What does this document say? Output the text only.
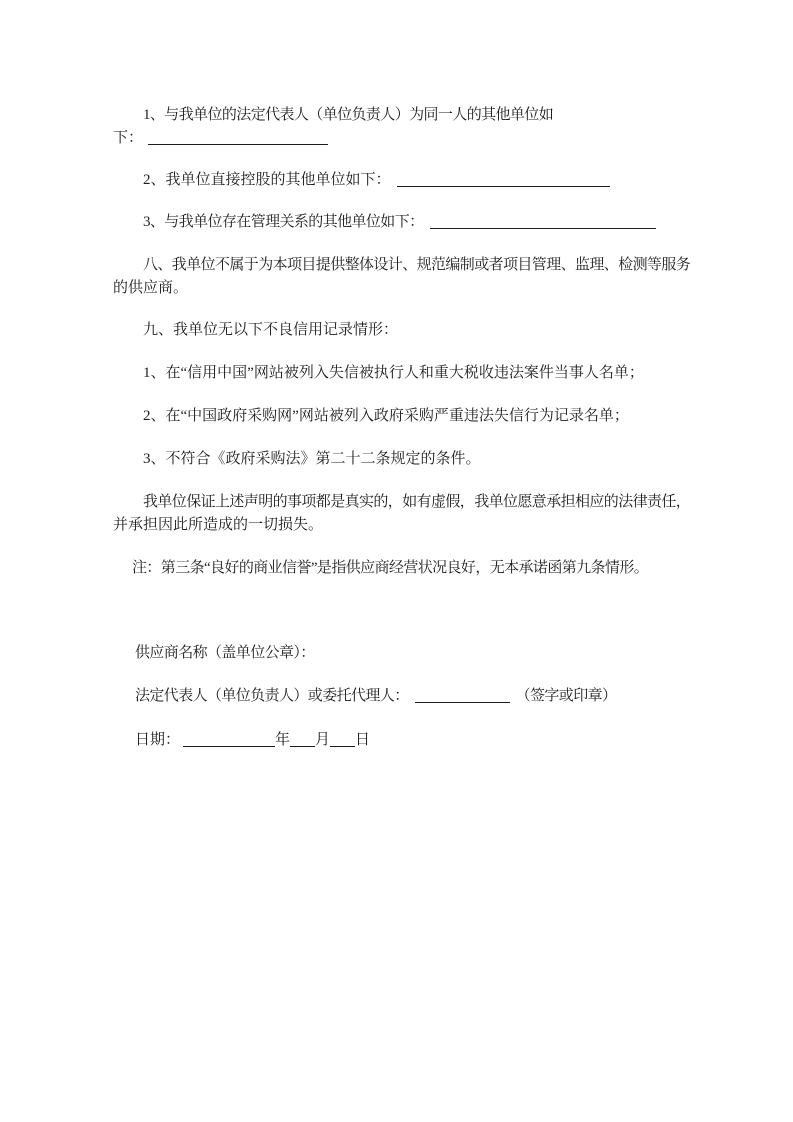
1、与我单位的法定代表人（单位负责人）为同一人的其他单位如
下：
2、我单位直接控股的其他单位如下：
3、与我单位存在管理关系的其他单位如下：
八、我单位不属于为本项目提供整体设计、规范编制或者项目管理、监理、检测等服务
的供应商。
九、我单位无以下不良信用记录情形：
1、在“信用中国”网站被列入失信被执行人和重大税收违法案件当事人名单；
2、在“中国政府采购网”网站被列入政府采购严重违法失信行为记录名单；
3、不符合《政府采购法》第二十二条规定的条件。
我单位保证上述声明的事项都是真实的，如有虚假，我单位愿意承担相应的法律责任，
并承担因此所造成的一切损失。
注：第三条“良好的商业信誉”是指供应商经营状况良好，无本承诺函第九条情形。
供应商名称（盖单位公章）：
法定代表人（单位负责人）或委托代理人：	（签字或印章）
日期：	年 月 日
